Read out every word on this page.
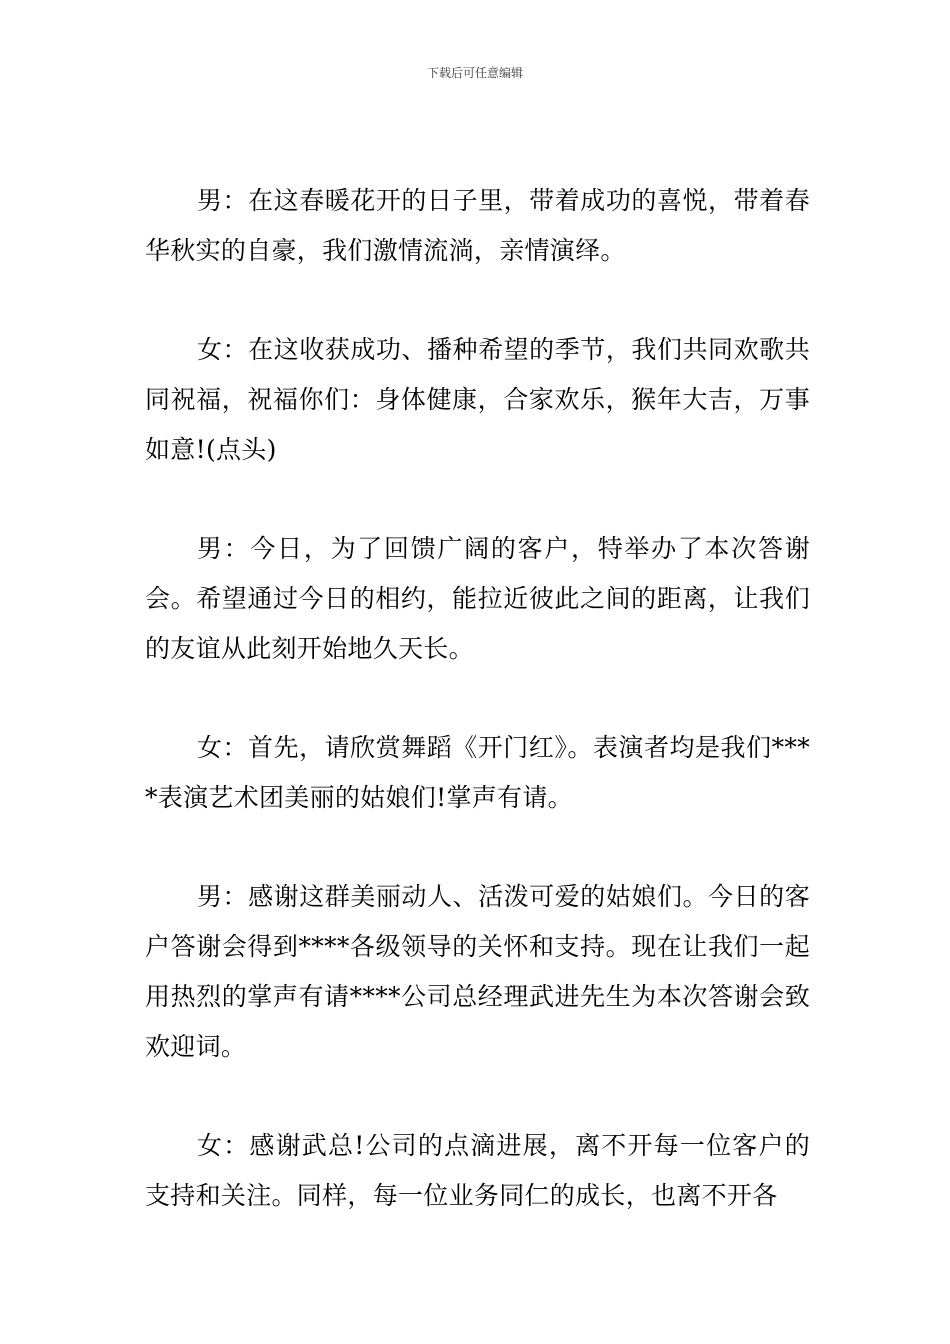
下载后可任意编辑

男：在这春暖花开的日子里，带着成功的喜悦，带着春华秋实的自豪，我们激情流淌，亲情演绎。

女：在这收获成功、播种希望的季节，我们共同欢歌共同祝福，祝福你们：身体健康，合家欢乐，猴年大吉，万事如意!(点头)

男：今日，为了回馈广阔的客户，特举办了本次答谢会。希望通过今日的相约，能拉近彼此之间的距离，让我们的友谊从此刻开始地久天长。

女：首先，请欣赏舞蹈《开门红》。表演者均是我们****表演艺术团美丽的姑娘们!掌声有请。

男：感谢这群美丽动人、活泼可爱的姑娘们。今日的客户答谢会得到****各级领导的关怀和支持。现在让我们一起用热烈的掌声有请****公司总经理武进先生为本次答谢会致欢迎词。

女：感谢武总!公司的点滴进展，离不开每一位客户的支持和关注。同样，每一位业务同仁的成长，也离不开各
